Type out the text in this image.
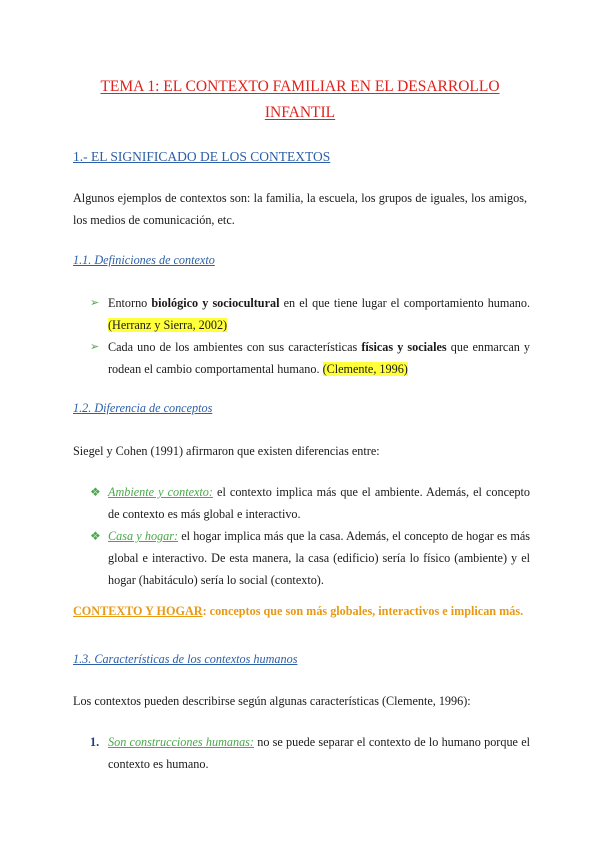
TEMA 1: EL CONTEXTO FAMILIAR EN EL DESARROLLO
INFANTIL
1.- EL SIGNIFICADO DE LOS CONTEXTOS
Algunos ejemplos de contextos son: la familia, la escuela, los grupos de iguales, los amigos, los medios de comunicación, etc.
1.1. Definiciones de contexto
➢ Entorno biológico y sociocultural en el que tiene lugar el comportamiento humano. (Herranz y Sierra, 2002)
➢ Cada uno de los ambientes con sus características físicas y sociales que enmarcan y rodean el cambio comportamental humano. (Clemente, 1996)
1.2. Diferencia de conceptos
Siegel y Cohen (1991) afirmaron que existen diferencias entre:
❖ Ambiente y contexto: el contexto implica más que el ambiente. Además, el concepto de contexto es más global e interactivo.
❖ Casa y hogar: el hogar implica más que la casa. Además, el concepto de hogar es más global e interactivo. De esta manera, la casa (edificio) sería lo físico (ambiente) y el hogar (habitáculo) sería lo social (contexto).
CONTEXTO Y HOGAR: conceptos que son más globales, interactivos e implican más.
1.3. Características de los contextos humanos
Los contextos pueden describirse según algunas características (Clemente, 1996):
1. Son construcciones humanas: no se puede separar el contexto de lo humano porque el contexto es humano.
